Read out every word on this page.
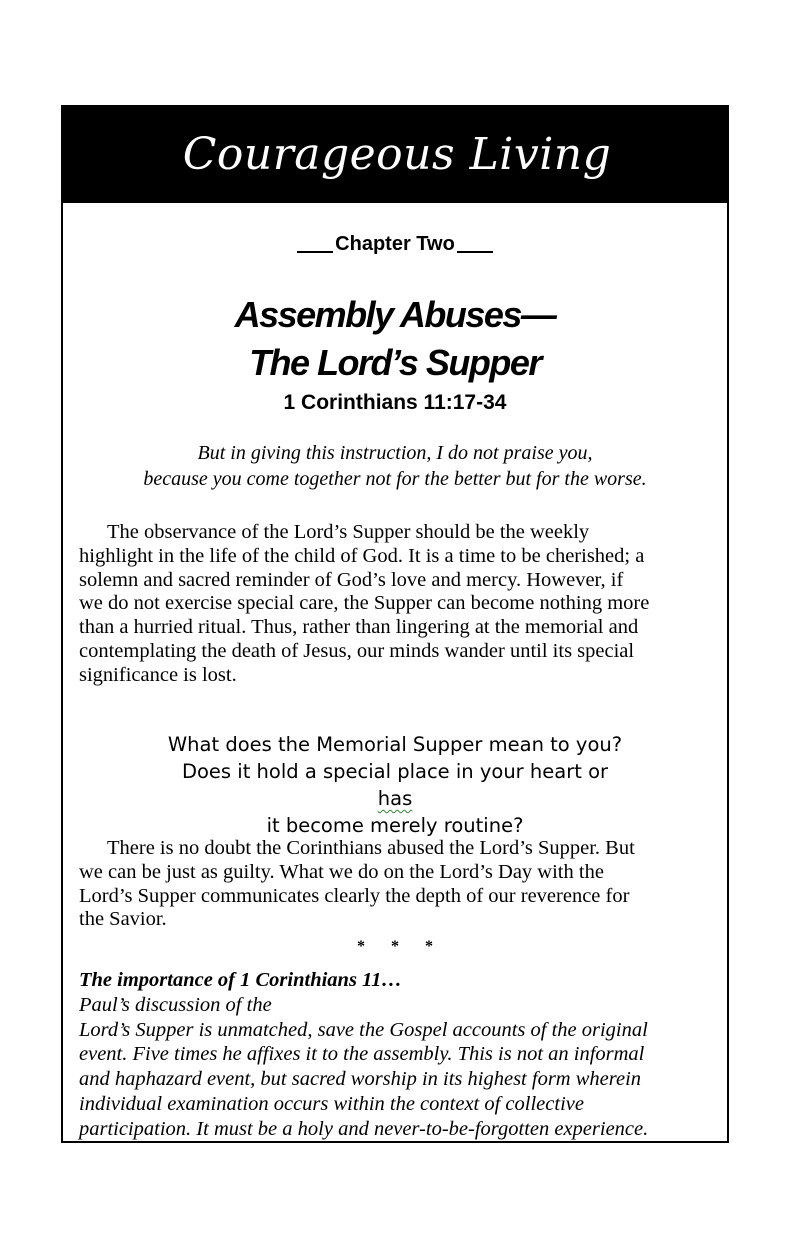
Courageous Living
Chapter Two
Assembly Abuses—
The Lord’s Supper
1 Corinthians 11:17-34
But in giving this instruction, I do not praise you,
because you come together not for the better but for the worse.
The observance of the Lord’s Supper should be the weekly
highlight in the life of the child of God. It is a time to be cherished; a
solemn and sacred reminder of God’s love and mercy. However, if
we do not exercise special care, the Supper can become nothing more
than a hurried ritual. Thus, rather than lingering at the memorial and
contemplating the death of Jesus, our minds wander until its special
significance is lost.
What does the Memorial Supper mean to you?
Does it hold a special place in your heart or
has
it become merely routine?
There is no doubt the Corinthians abused the Lord’s Supper. But
we can be just as guilty. What we do on the Lord’s Day with the
Lord’s Supper communicates clearly the depth of our reverence for
the Savior.
* * *
The importance of 1 Corinthians 11…
Paul’s discussion of the
Lord’s Supper is unmatched, save the Gospel accounts of the original
event. Five times he affixes it to the assembly. This is not an informal
and haphazard event, but sacred worship in its highest form wherein
individual examination occurs within the context of collective
participation. It must be a holy and never-to-be-forgotten experience.
